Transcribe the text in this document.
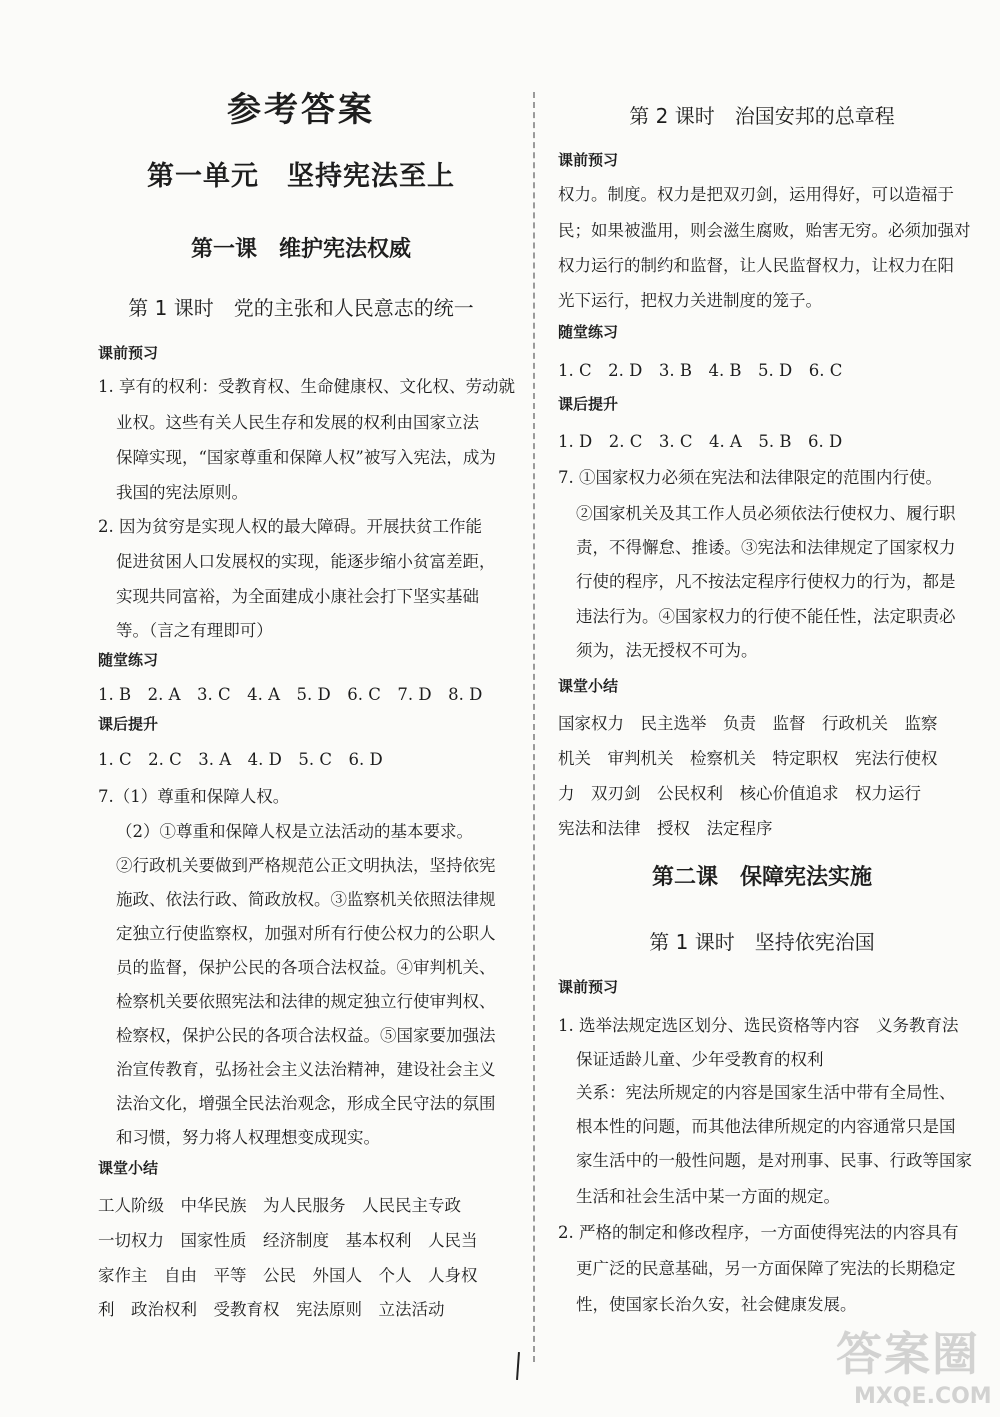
参考答案
第一单元　坚持宪法至上
第一课　维护宪法权威
第 1 课时　党的主张和人民意志的统一
课前预习
1. 享有的权利：受教育权、生命健康权、文化权、劳动就
业权。这些有关人民生存和发展的权利由国家立法
保障实现，“国家尊重和保障人权”被写入宪法，成为
我国的宪法原则。
2. 因为贫穷是实现人权的最大障碍。开展扶贫工作能
促进贫困人口发展权的实现，能逐步缩小贫富差距，
实现共同富裕，为全面建成小康社会打下坚实基础
等。（言之有理即可）
随堂练习
1. B　2. A　3. C　4. A　5. D　6. C　7. D　8. D
课后提升
1. C　2. C　3. A　4. D　5. C　6. D
7.（1）尊重和保障人权。
（2）①尊重和保障人权是立法活动的基本要求。
②行政机关要做到严格规范公正文明执法，坚持依宪
施政、依法行政、简政放权。③监察机关依照法律规
定独立行使监察权，加强对所有行使公权力的公职人
员的监督，保护公民的各项合法权益。④审判机关、
检察机关要依照宪法和法律的规定独立行使审判权、
检察权，保护公民的各项合法权益。⑤国家要加强法
治宣传教育，弘扬社会主义法治精神，建设社会主义
法治文化，增强全民法治观念，形成全民守法的氛围
和习惯，努力将人权理想变成现实。
课堂小结
工人阶级　中华民族　为人民服务　人民民主专政
一切权力　国家性质　经济制度　基本权利　人民当
家作主　自由　平等　公民　外国人　个人　人身权
利　政治权利　受教育权　宪法原则　立法活动
第 2 课时　治国安邦的总章程
课前预习
权力。制度。权力是把双刃剑，运用得好，可以造福于
民；如果被滥用，则会滋生腐败，贻害无穷。必须加强对
权力运行的制约和监督，让人民监督权力，让权力在阳
光下运行，把权力关进制度的笼子。
随堂练习
1. C　2. D　3. B　4. B　5. D　6. C
课后提升
1. D　2. C　3. C　4. A　5. B　6. D
7. ①国家权力必须在宪法和法律限定的范围内行使。
②国家机关及其工作人员必须依法行使权力、履行职
责，不得懈怠、推诿。③宪法和法律规定了国家权力
行使的程序，凡不按法定程序行使权力的行为，都是
违法行为。④国家权力的行使不能任性，法定职责必
须为，法无授权不可为。
课堂小结
国家权力　民主选举　负责　监督　行政机关　监察
机关　审判机关　检察机关　特定职权　宪法行使权
力　双刃剑　公民权利　核心价值追求　权力运行
宪法和法律　授权　法定程序
第二课　保障宪法实施
第 1 课时　坚持依宪治国
课前预习
1. 选举法规定选区划分、选民资格等内容　义务教育法
保证适龄儿童、少年受教育的权利
关系：宪法所规定的内容是国家生活中带有全局性、
根本性的问题，而其他法律所规定的内容通常只是国
家生活中的一般性问题，是对刑事、民事、行政等国家
生活和社会生活中某一方面的规定。
2. 严格的制定和修改程序，一方面使得宪法的内容具有
更广泛的民意基础，另一方面保障了宪法的长期稳定
性，使国家长治久安，社会健康发展。
答案圈
MXQE.COM
